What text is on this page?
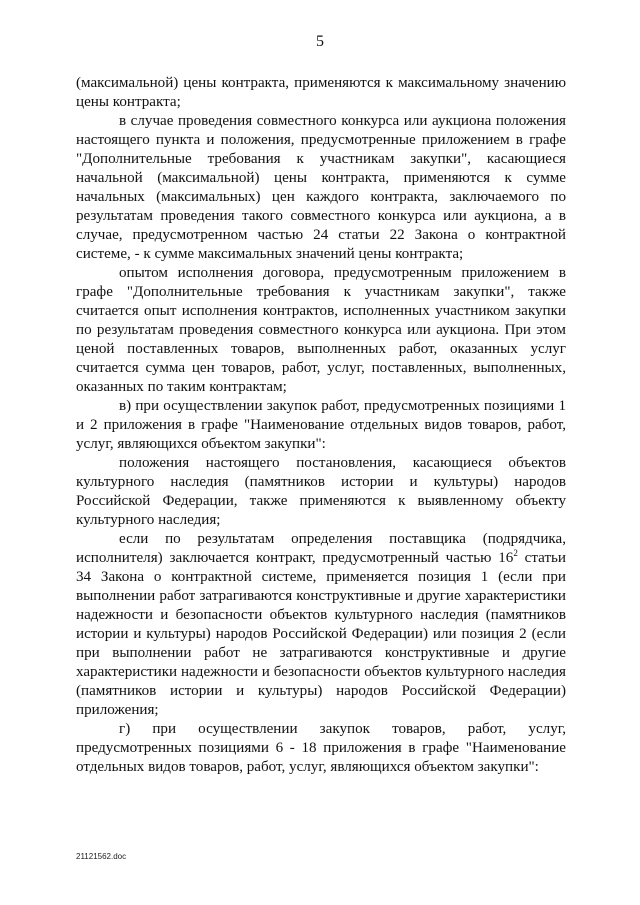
5

(максимальной) цены контракта, применяются к максимальному значению цены контракта;

в случае проведения совместного конкурса или аукциона положения настоящего пункта и положения, предусмотренные приложением в графе "Дополнительные требования к участникам закупки", касающиеся начальной (максимальной) цены контракта, применяются к сумме начальных (максимальных) цен каждого контракта, заключаемого по результатам проведения такого совместного конкурса или аукциона, а в случае, предусмотренном частью 24 статьи 22 Закона о контрактной системе, - к сумме максимальных значений цены контракта;

опытом исполнения договора, предусмотренным приложением в графе "Дополнительные требования к участникам закупки", также считается опыт исполнения контрактов, исполненных участником закупки по результатам проведения совместного конкурса или аукциона. При этом ценой поставленных товаров, выполненных работ, оказанных услуг считается сумма цен товаров, работ, услуг, поставленных, выполненных, оказанных по таким контрактам;

в) при осуществлении закупок работ, предусмотренных позициями 1 и 2 приложения в графе "Наименование отдельных видов товаров, работ, услуг, являющихся объектом закупки":

положения настоящего постановления, касающиеся объектов культурного наследия (памятников истории и культуры) народов Российской Федерации, также применяются к выявленному объекту культурного наследия;

если по результатам определения поставщика (подрядчика, исполнителя) заключается контракт, предусмотренный частью $16^2$ статьи 34 Закона о контрактной системе, применяется позиция 1 (если при выполнении работ затрагиваются конструктивные и другие характеристики надежности и безопасности объектов культурного наследия (памятников истории и культуры) народов Российской Федерации) или позиция 2 (если при выполнении работ не затрагиваются конструктивные и другие характеристики надежности и безопасности объектов культурного наследия (памятников истории и культуры) народов Российской Федерации) приложения;

г) при осуществлении закупок товаров, работ, услуг, предусмотренных позициями 6 - 18 приложения в графе "Наименование отдельных видов товаров, работ, услуг, являющихся объектом закупки":

21121562.doc
